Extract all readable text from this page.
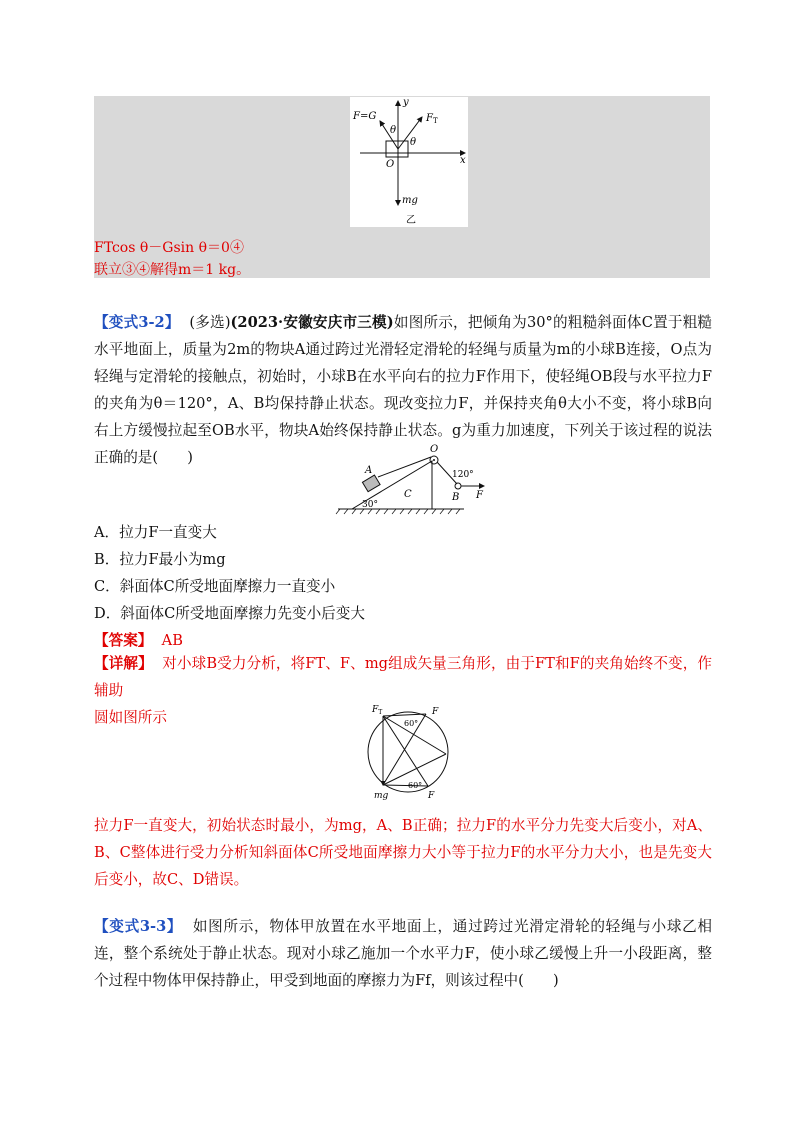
F=G
y
$F_T$
θ
θ
O	x
mg
乙
FTcos θ－Gsin θ＝0④
联立③④解得m＝1 kg。
【变式3-2】 (多选)(2023·安徽安庆市三模)如图所示，把倾角为30°的粗糙斜面体C置于粗糙水平地面上，质量为2m的物块A通过跨过光滑轻定滑轮的轻绳与质量为m的小球B连接，O点为轻绳与定滑轮的接触点，初始时，小球B在水平向右的拉力F作用下，使轻绳OB段与水平拉力F的夹角为θ＝120°，A、B均保持静止状态。现改变拉力F，并保持夹角θ大小不变，将小球B向右上方缓慢拉起至OB水平，物块A始终保持静止状态。g为重力加速度，下列关于该过程的说法正确的是(　　)	O
A
C
120°
B F
30°
A．拉力F一直变大
B．拉力F最小为mg
C．斜面体C所受地面摩擦力一直变小
D．斜面体C所受地面摩擦力先变小后变大
【答案】 AB
【详解】 对小球B受力分析，将FT、F、mg组成矢量三角形，由于FT和F的夹角始终不变，作辅助
圆如图所示	$F_T$
60°
F
60°
mg	F
拉力F一直变大，初始状态时最小，为mg，A、B正确；拉力F的水平分力先变大后变小，对A、B、C整体进行受力分析知斜面体C所受地面摩擦力大小等于拉力F的水平分力大小，也是先变大后变小，故C、D错误。
【变式3-3】 如图所示，物体甲放置在水平地面上，通过跨过光滑定滑轮的轻绳与小球乙相连，整个系统处于静止状态。现对小球乙施加一个水平力F，使小球乙缓慢上升一小段距离，整个过程中物体甲保持静止，甲受到地面的摩擦力为Ff，则该过程中(　　)
